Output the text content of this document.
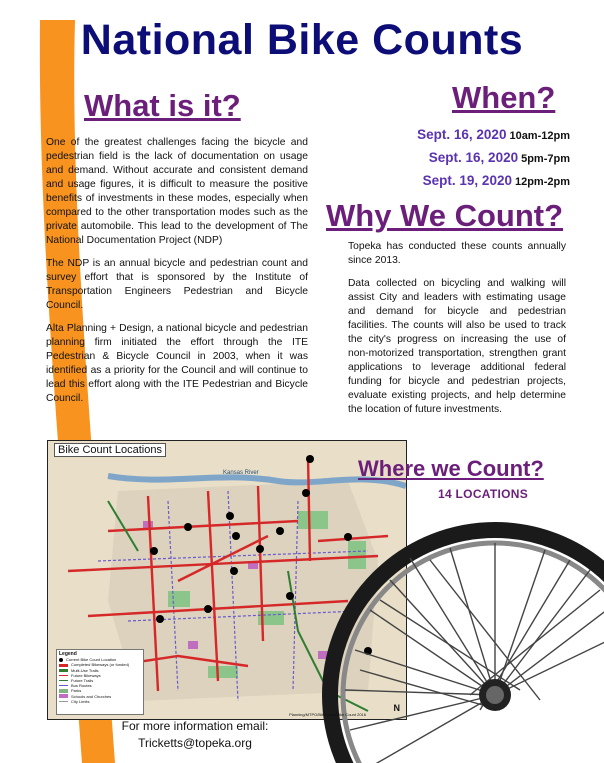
National Bike Counts
What is it?

One of the greatest challenges facing the bicycle and pedestrian field is the lack of documentation on usage and demand. Without accurate and consistent demand and usage figures, it is difficult to measure the positive benefits of investments in these modes, especially when compared to the other transportation modes such as the private automobile. This lead to the development of The National Documentation Project (NDP)

The NDP is an annual bicycle and pedestrian count and survey effort that is sponsored by the Institute of Transportation Engineers Pedestrian and Bicycle Council.

Alta Planning + Design, a national bicycle and pedestrian planning firm initiated the effort through the ITE Pedestrian & Bicycle Council in 2003, when it was identified as a priority for the Council and will continue to lead this effort along with the ITE Pedestrian and Bicycle Council.

When?
Sept. 16, 2020 10am-12pm
Sept. 16, 2020 5pm-7pm
Sept. 19, 2020 12pm-2pm
Why We Count?

Topeka has conducted these counts annually since 2013.

Data collected on bicycling and walking will assist City and leaders with estimating usage and demand for bicycle and pedestrian facilities. The counts will also be used to track the city's progress on increasing the use of non-motorized transportation, strengthen grant applications to leverage additional federal funding for bicycle and pedestrian projects, evaluate existing projects, and help determine the location of future investments.

Bike Count Locations
Kansas River
Legend
Current Bike Count Location
Completed Bikeways (or funded)
Multi-Use Trails
Future Bikeways
Future Trails
Bus Routes
Parks
Schools and Churches
City Limits
Planning/MTPO/Bikeways/Bike Count 2016
N
Where we Count?
14 LOCATIONS
For more information email:
Tricketts@topeka.org
